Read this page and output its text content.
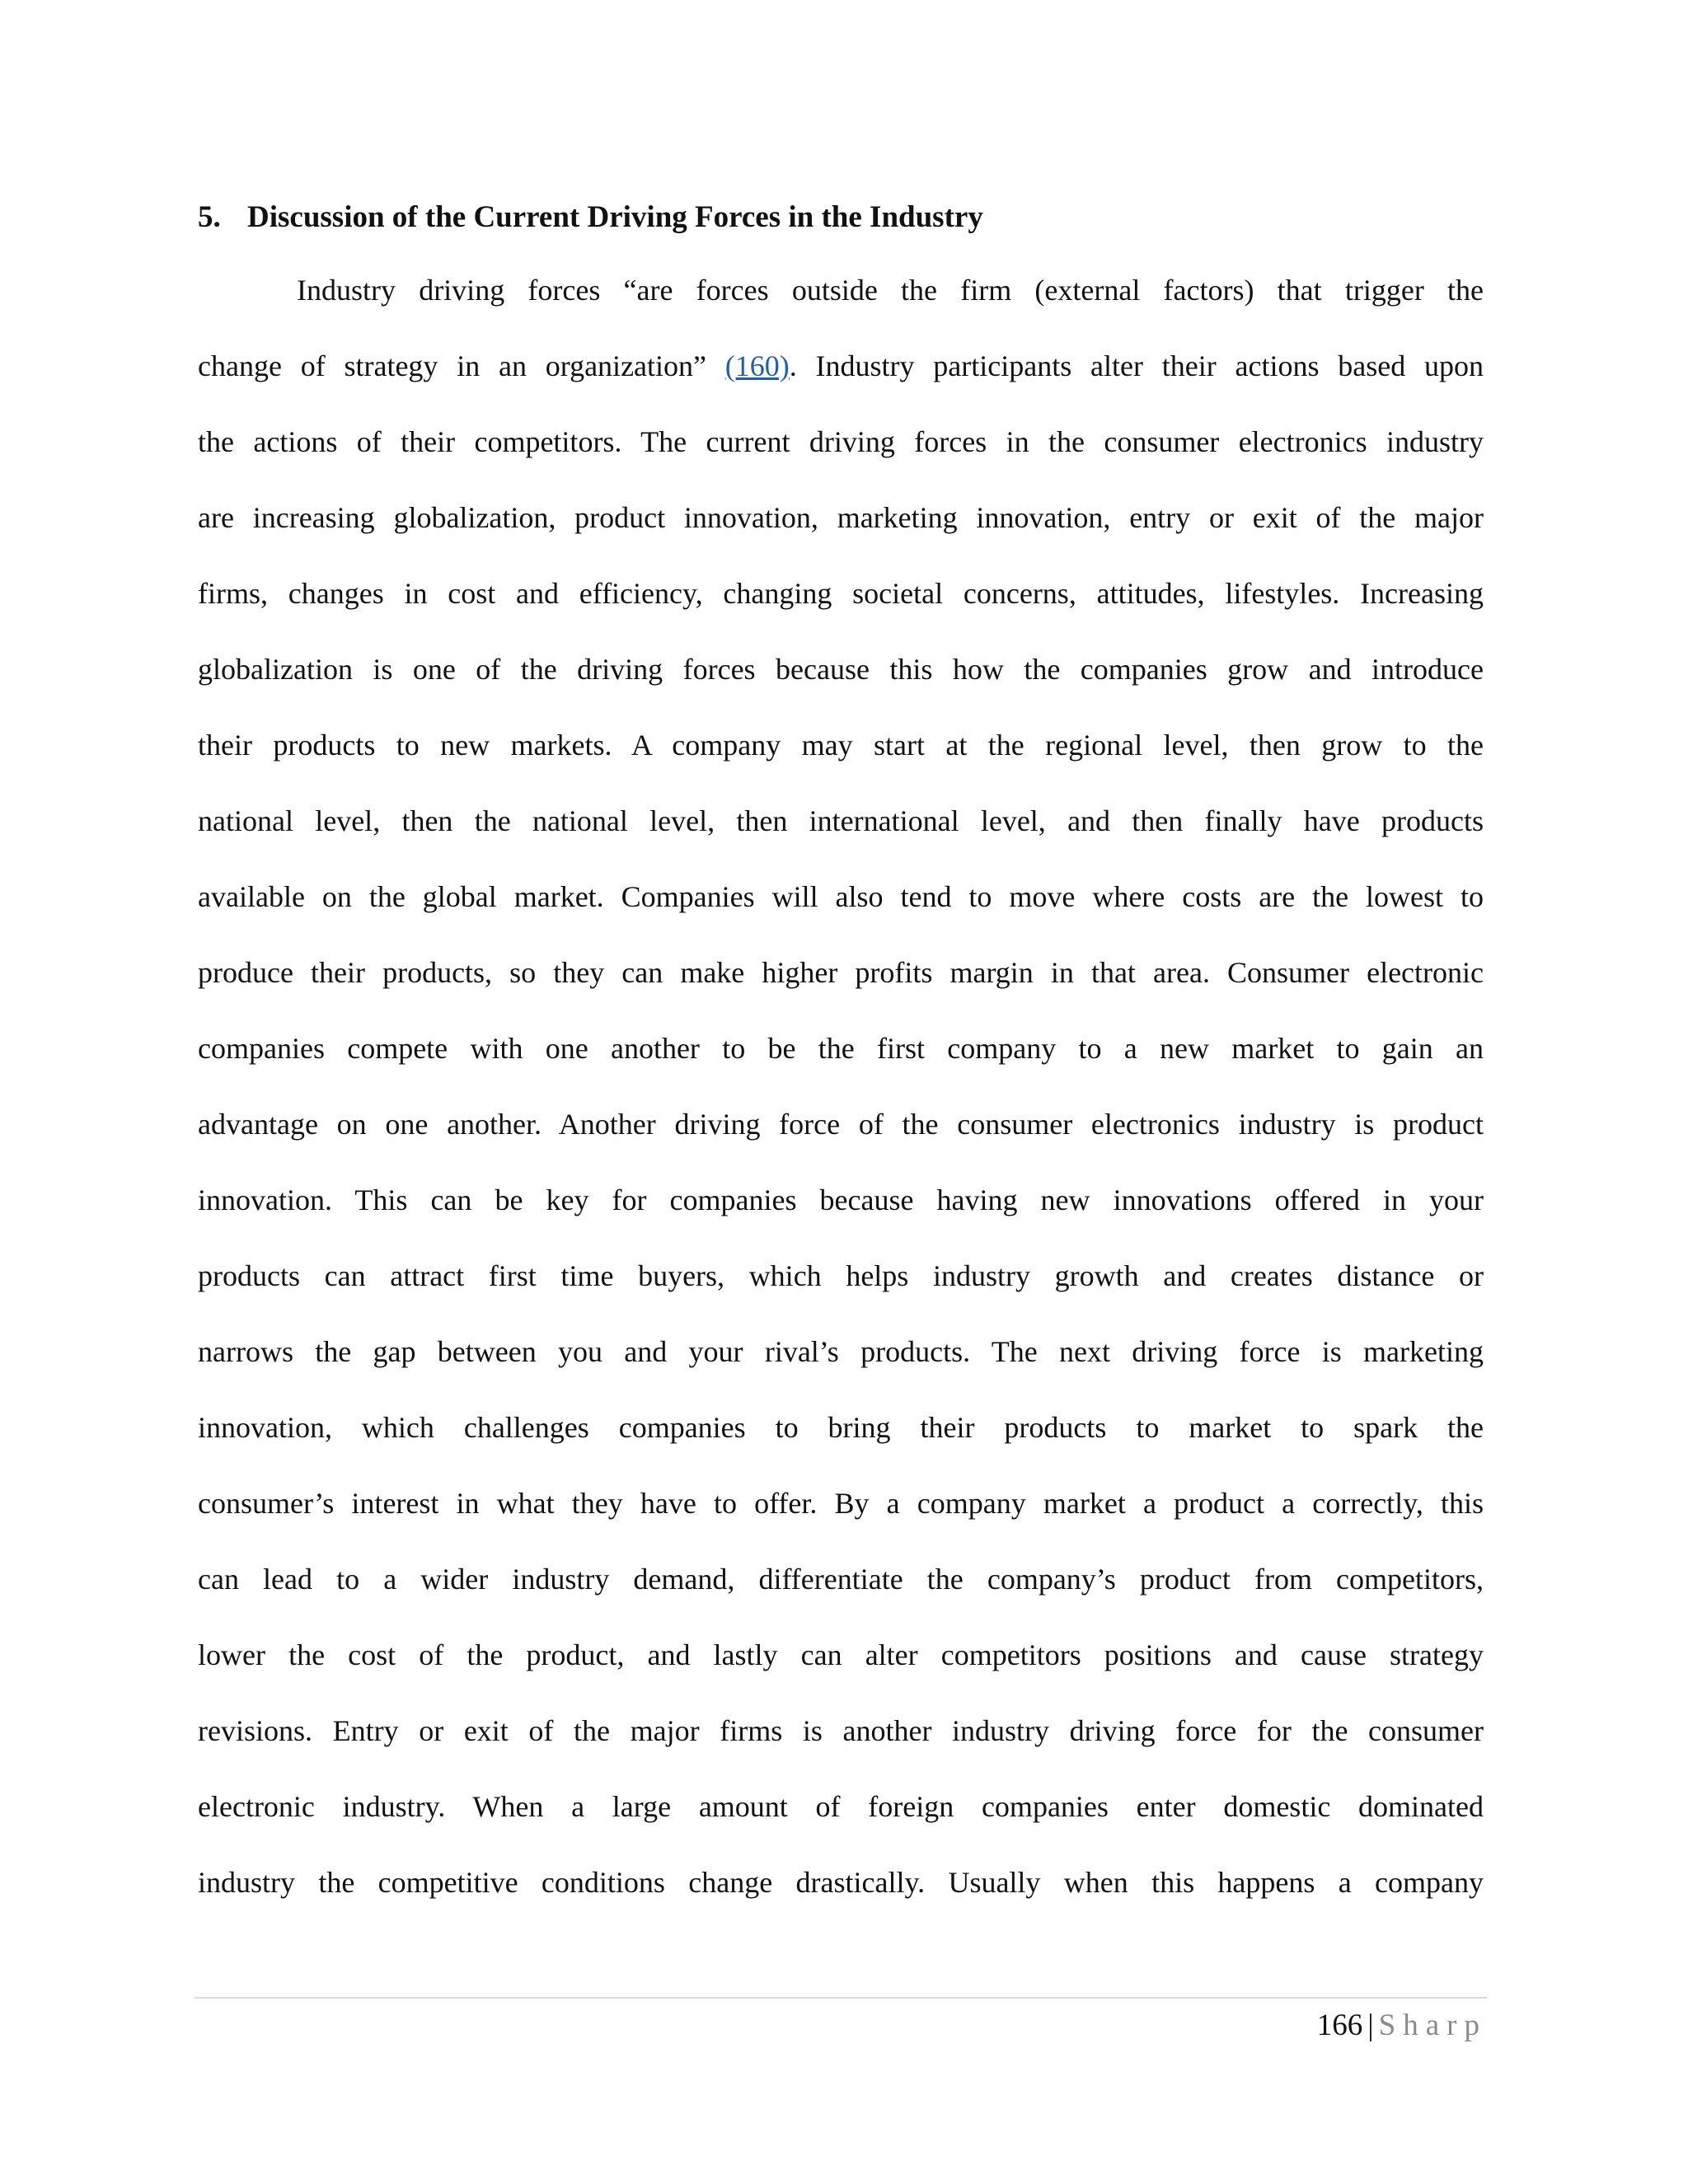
5. Discussion of the Current Driving Forces in the Industry
Industry driving forces “are forces outside the firm (external factors) that trigger the
change of strategy in an organization” (160). Industry participants alter their actions based upon
the actions of their competitors. The current driving forces in the consumer electronics industry
are increasing globalization, product innovation, marketing innovation, entry or exit of the major
firms, changes in cost and efficiency, changing societal concerns, attitudes, lifestyles. Increasing
globalization is one of the driving forces because this how the companies grow and introduce
their products to new markets. A company may start at the regional level, then grow to the
national level, then the national level, then international level, and then finally have products
available on the global market. Companies will also tend to move where costs are the lowest to
produce their products, so they can make higher profits margin in that area. Consumer electronic
companies compete with one another to be the first company to a new market to gain an
advantage on one another. Another driving force of the consumer electronics industry is product
innovation. This can be key for companies because having new innovations offered in your
products can attract first time buyers, which helps industry growth and creates distance or
narrows the gap between you and your rival’s products. The next driving force is marketing
innovation, which challenges companies to bring their products to market to spark the
consumer’s interest in what they have to offer. By a company market a product a correctly, this
can lead to a wider industry demand, differentiate the company’s product from competitors,
lower the cost of the product, and lastly can alter competitors positions and cause strategy
revisions. Entry or exit of the major firms is another industry driving force for the consumer
electronic industry. When a large amount of foreign companies enter domestic dominated
industry the competitive conditions change drastically. Usually when this happens a company
166 | Sharp
